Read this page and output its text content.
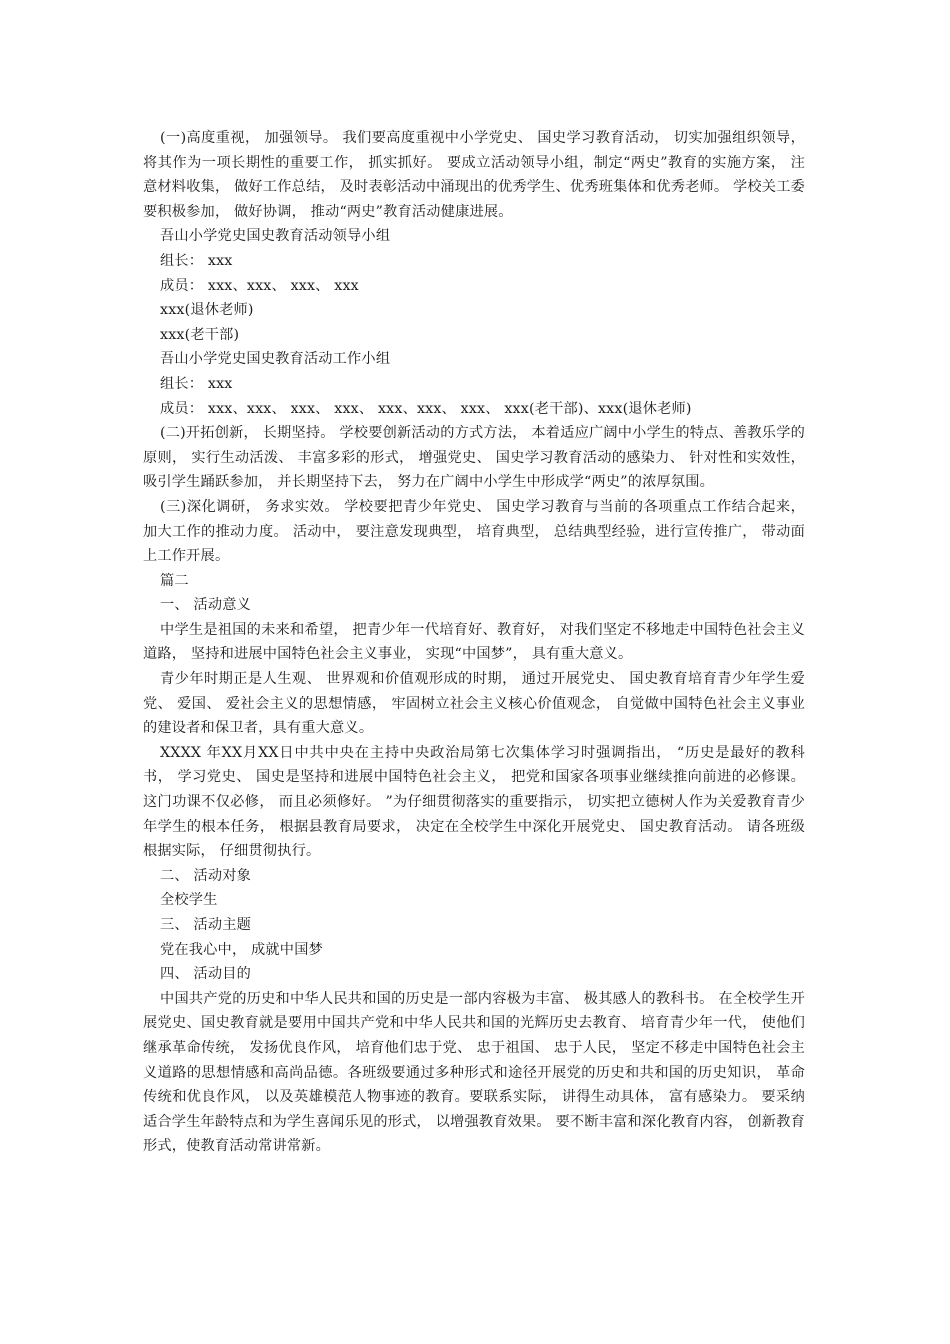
(一)高度重视， 加强领导。 我们要高度重视中小学党史、 国史学习教育活动， 切实加强组织领导， 将其作为一项长期性的重要工作， 抓实抓好。 要成立活动领导小组，制定“两史”教育的实施方案， 注意材料收集， 做好工作总结， 及时表彰活动中涌现出的优秀学生、优秀班集体和优秀老师。 学校关工委要积极参加， 做好协调， 推动“两史”教育活动健康进展。

吾山小学党史国史教育活动领导小组

组长： xxx

成员： xxx、xxx、 xxx、 xxx

xxx(退休老师)

xxx(老干部)

吾山小学党史国史教育活动工作小组

组长： xxx

成员： xxx、xxx、 xxx、 xxx、 xxx、xxx、 xxx、 xxx(老干部)、xxx(退休老师)

(二)开拓创新， 长期坚持。 学校要创新活动的方式方法， 本着适应广阔中小学生的特点、善教乐学的原则， 实行生动活泼、 丰富多彩的形式， 增强党史、 国史学习教育活动的感染力、 针对性和实效性， 吸引学生踊跃参加， 并长期坚持下去， 努力在广阔中小学生中形成学“两史”的浓厚氛围。

(三)深化调研， 务求实效。 学校要把青少年党史、 国史学习教育与当前的各项重点工作结合起来， 加大工作的推动力度。 活动中， 要注意发现典型， 培育典型， 总结典型经验，进行宣传推广， 带动面上工作开展。

篇二

一、 活动意义

中学生是祖国的未来和希望， 把青少年一代培育好、教育好， 对我们坚定不移地走中国特色社会主义道路， 坚持和进展中国特色社会主义事业， 实现“中国梦”， 具有重大意义。

青少年时期正是人生观、 世界观和价值观形成的时期， 通过开展党史、 国史教育培育青少年学生爱党、 爱国、 爱社会主义的思想情感， 牢固树立社会主义核心价值观念， 自觉做中国特色社会主义事业的建设者和保卫者，具有重大意义。

XXXX 年XX月XX日中共中央在主持中央政治局第七次集体学习时强调指出， “历史是最好的教科书， 学习党史、 国史是坚持和进展中国特色社会主义， 把党和国家各项事业继续推向前进的必修课。 这门功课不仅必修， 而且必须修好。 ”为仔细贯彻落实的重要指示， 切实把立德树人作为关爱教育青少年学生的根本任务， 根据县教育局要求， 决定在全校学生中深化开展党史、 国史教育活动。 请各班级根据实际， 仔细贯彻执行。

二、 活动对象

全校学生

三、 活动主题

党在我心中， 成就中国梦

四、 活动目的

中国共产党的历史和中华人民共和国的历史是一部内容极为丰富、 极其感人的教科书。 在全校学生开展党史、国史教育就是要用中国共产党和中华人民共和国的光辉历史去教育、 培育青少年一代， 使他们继承革命传统， 发扬优良作风， 培育他们忠于党、 忠于祖国、 忠于人民， 坚定不移走中国特色社会主义道路的思想情感和高尚品德。各班级要通过多种形式和途径开展党的历史和共和国的历史知识， 革命传统和优良作风， 以及英雄模范人物事迹的教育。要联系实际， 讲得生动具体， 富有感染力。 要采纳适合学生年龄特点和为学生喜闻乐见的形式， 以增强教育效果。 要不断丰富和深化教育内容， 创新教育形式，使教育活动常讲常新。
